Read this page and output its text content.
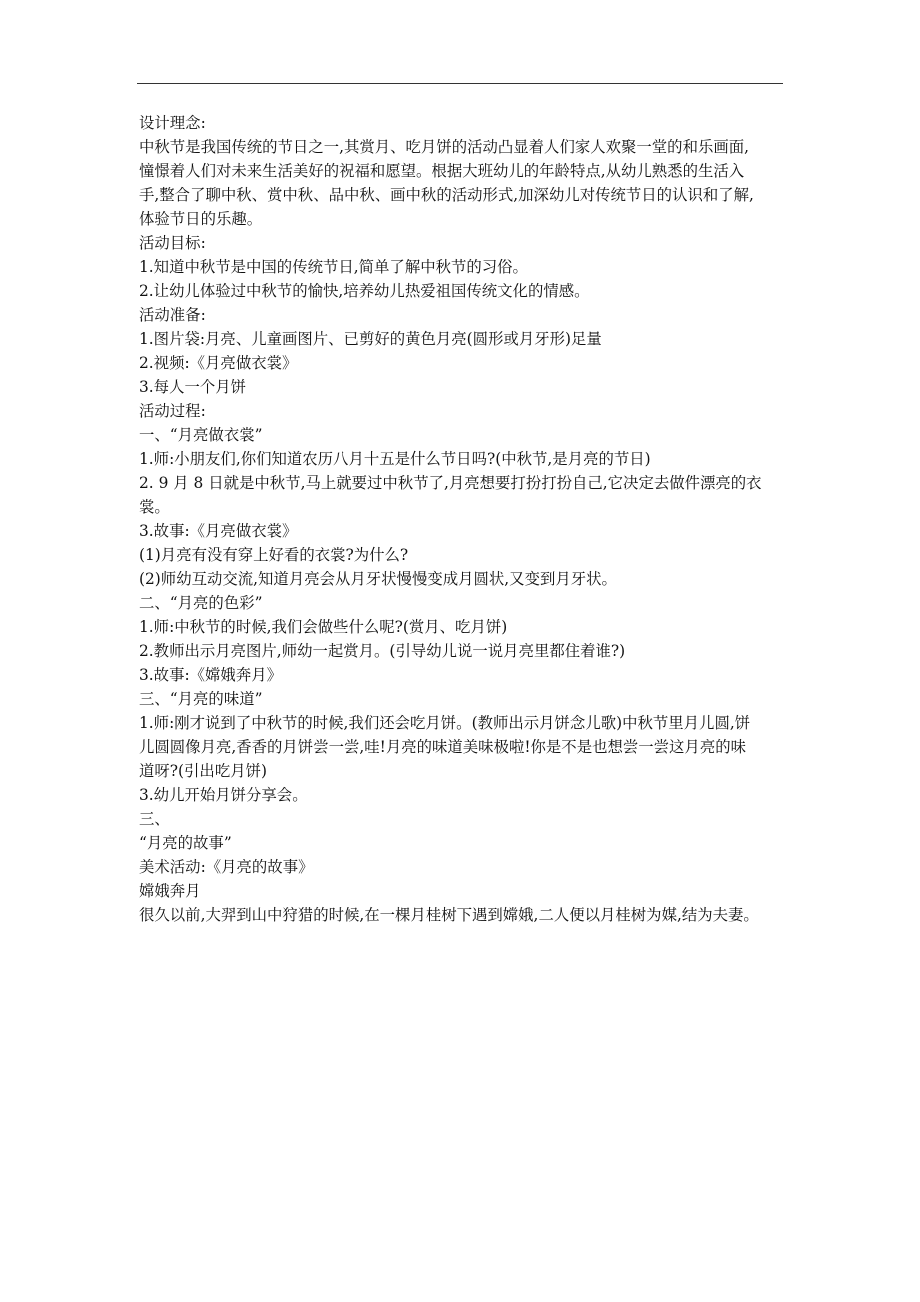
设计理念:

中秋节是我国传统的节日之一,其赏月、吃月饼的活动凸显着人们家人欢聚一堂的和乐画面,

憧憬着人们对未来生活美好的祝福和愿望。根据大班幼儿的年龄特点,从幼儿熟悉的生活入

手,整合了聊中秋、赏中秋、品中秋、画中秋的活动形式,加深幼儿对传统节日的认识和了解,

体验节日的乐趣。

活动目标:

1.知道中秋节是中国的传统节日,简单了解中秋节的习俗。

2.让幼儿体验过中秋节的愉快,培养幼儿热爱祖国传统文化的情感。

活动准备:

1.图片袋:月亮、儿童画图片、已剪好的黄色月亮(圆形或月牙形)足量

2.视频:《月亮做衣裳》

3.每人一个月饼

活动过程:

一、“月亮做衣裳”

1.师:小朋友们,你们知道农历八月十五是什么节日吗?(中秋节,是月亮的节日)

2. 9 月 8 日就是中秋节,马上就要过中秋节了,月亮想要打扮打扮自己,它决定去做件漂亮的衣

裳。

3.故事:《月亮做衣裳》

(1)月亮有没有穿上好看的衣裳?为什么?

(2)师幼互动交流,知道月亮会从月牙状慢慢变成月圆状,又变到月牙状。

二、“月亮的色彩”

1.师:中秋节的时候,我们会做些什么呢?(赏月、吃月饼)

2.教师出示月亮图片,师幼一起赏月。(引导幼儿说一说月亮里都住着谁?)

3.故事:《嫦娥奔月》

三、“月亮的味道”

1.师:刚才说到了中秋节的时候,我们还会吃月饼。(教师出示月饼念儿歌)中秋节里月儿圆,饼

儿圆圆像月亮,香香的月饼尝一尝,哇!月亮的味道美味极啦!你是不是也想尝一尝这月亮的味

道呀?(引出吃月饼)

3.幼儿开始月饼分享会。

三、

“月亮的故事”

美术活动:《月亮的故事》

嫦娥奔月

很久以前,大羿到山中狩猎的时候,在一棵月桂树下遇到嫦娥,二人便以月桂树为媒,结为夫妻。
